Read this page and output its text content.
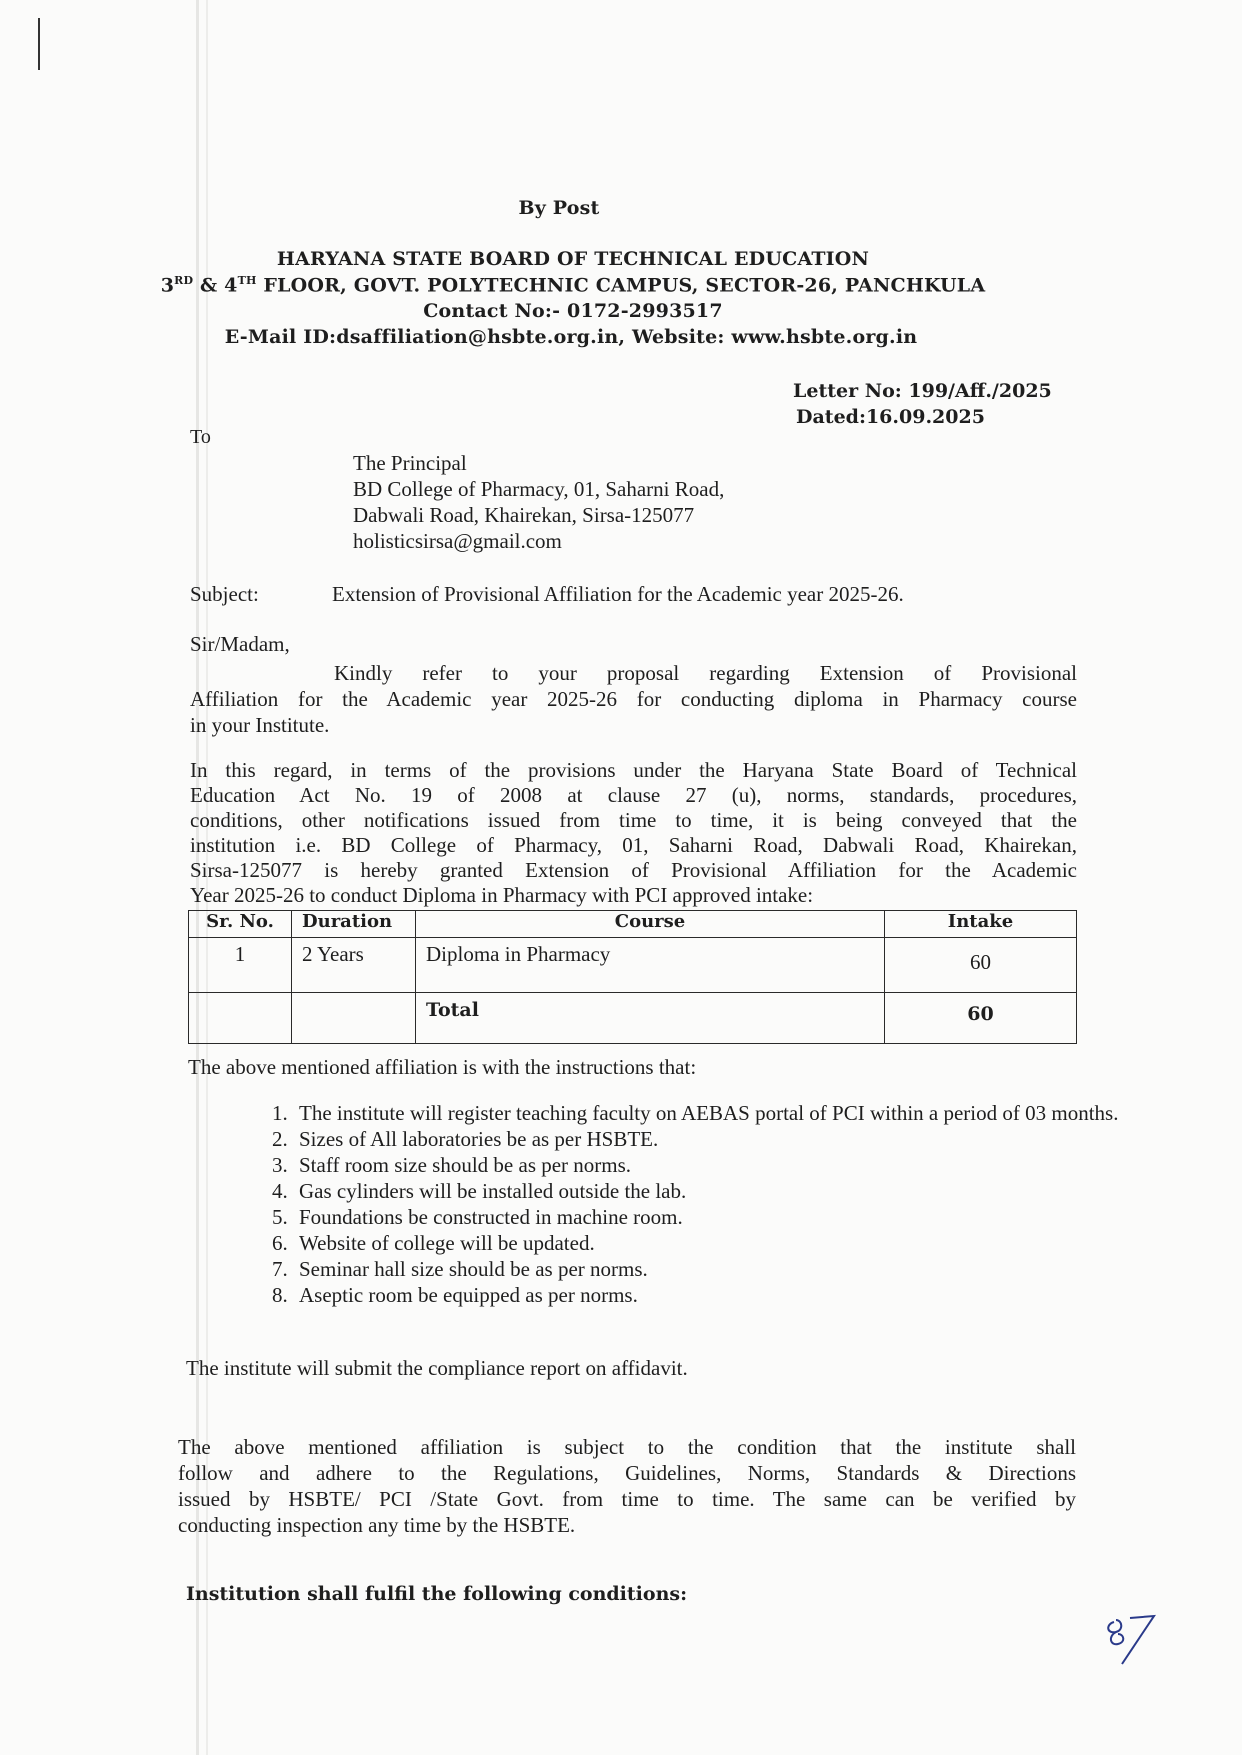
By Post
HARYANA STATE BOARD OF TECHNICAL EDUCATION
3RD & 4TH FLOOR, GOVT. POLYTECHNIC CAMPUS, SECTOR-26, PANCHKULA
Contact No:- 0172-2993517
E-Mail ID:dsaffiliation@hsbte.org.in, Website: www.hsbte.org.in
Letter No: 199/Aff./2025
Dated:16.09.2025
To
The Principal
BD College of Pharmacy, 01, Saharni Road,
Dabwali Road, Khairekan, Sirsa-125077
holisticsirsa@gmail.com
Subject:	Extension of Provisional Affiliation for the Academic year 2025-26.
Sir/Madam,
Kindly refer to your proposal regarding Extension of Provisional
Affiliation for the Academic year 2025-26 for conducting diploma in Pharmacy course
in your Institute.
In this regard, in terms of the provisions under the Haryana State Board of Technical
Education Act No. 19 of 2008 at clause 27 (u), norms, standards, procedures,
conditions, other notifications issued from time to time, it is being conveyed that the
institution i.e. BD College of Pharmacy, 01, Saharni Road, Dabwali Road, Khairekan,
Sirsa-125077 is hereby granted Extension of Provisional Affiliation for the Academic
Year 2025-26 to conduct Diploma in Pharmacy with PCI approved intake:
Sr. No.	Duration	Course	Intake
1	2 Years	Diploma in Pharmacy	60
		Total	60
The above mentioned affiliation is with the instructions that:
1. The institute will register teaching faculty on AEBAS portal of PCI within a period of 03 months.
2. Sizes of All laboratories be as per HSBTE.
3. Staff room size should be as per norms.
4. Gas cylinders will be installed outside the lab.
5. Foundations be constructed in machine room.
6. Website of college will be updated.
7. Seminar hall size should be as per norms.
8. Aseptic room be equipped as per norms.
The institute will submit the compliance report on affidavit.
The above mentioned affiliation is subject to the condition that the institute shall
follow and adhere to the Regulations, Guidelines, Norms, Standards & Directions
issued by HSBTE/ PCI /State Govt. from time to time. The same can be verified by
conducting inspection any time by the HSBTE.
Institution shall fulfil the following conditions:
